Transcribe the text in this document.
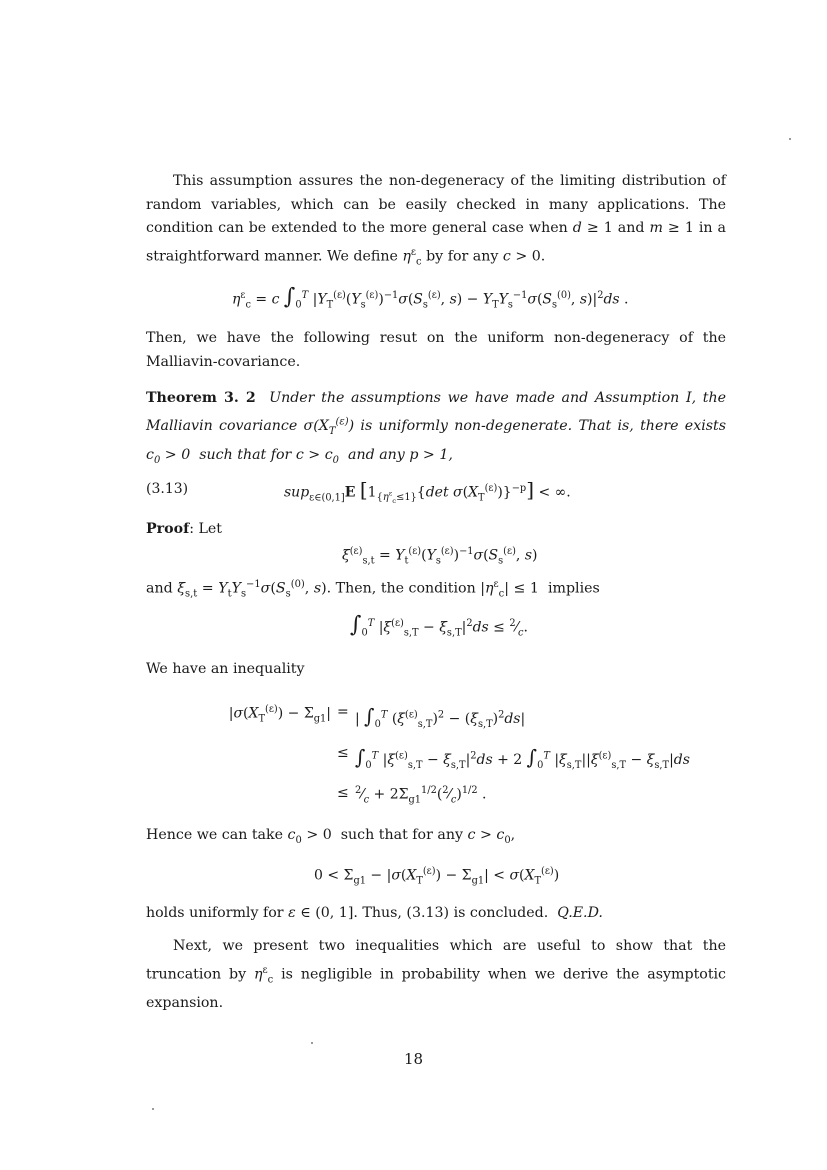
This assumption assures the non-degeneracy of the limiting distribution of random variables, which can be easily checked in many applications. The condition can be extended to the more general case when d ≥ 1 and m ≥ 1 in a straightforward manner. We define $\eta^\varepsilon_c$ by for any c > 0.
$\eta^\varepsilon_c = c$ $\int_0^T$ $|Y_T^{(\varepsilon)}(Y_s^{(\varepsilon)})^{-1}\sigma(S_s^{(\varepsilon)}$, $s) - Y_TY_s^{-1}\sigma(S_s^{(0)}$, $s)|^2ds$ .
Then, we have the following resut on the uniform non-degeneracy of the Malliavin-covariance.
Theorem 3. 2 Under the assumptions we have made and Assumption I, the Malliavin covariance $\sigma(X_T^{(\varepsilon)})$ is uniformly non-degenerate. That is, there exists $c_0 > 0$  such that for $c > c_0$  and any p > 1,
(3.13)	sup$_{\varepsilon\in(0,1]}$E [$1_{\{\eta^\varepsilon_c\le 1\}}\{\det$ $\sigma(X_T^{(\varepsilon)})\}^{-p}$] < ∞.
Proof: Let
$\xi^{(\varepsilon)}_{s,t} = Y_t^{(\varepsilon)}(Y_s^{(\varepsilon)})^{-1}\sigma(S_s^{(\varepsilon)}$, s)
and $\xi_{s,t} = Y_tY_s^{-1}\sigma(S_s^{(0)}$, s). Then, the condition $|\eta^\varepsilon_c| \le 1$  implies
$\int_0^T$ $|\xi^{(\varepsilon)}_{s,T} - \xi_{s,T}|^2ds$ ≤ $^2⁄_c$.
We have an inequality
$|\sigma(X_T^{(\varepsilon)}) - \Sigma_{g1}|$ = | $\int_0^T$ $(\xi^{(\varepsilon)}_{s,T})^2 - (\xi_{s,T})^2ds|$
≤ $\int_0^T$ $|\xi^{(\varepsilon)}_{s,T} - \xi_{s,T}|^2ds + 2$ $\int_0^T$ $|\xi_{s,T}||\xi^{(\varepsilon)}_{s,T} - \xi_{s,T}|ds$
≤ $^2⁄_c$ + $2\Sigma_{g1}^{1/2}(^2⁄_c)^{1/2}$ .
Hence we can take $c_0 > 0$  such that for any $c > c_0$,
$0 < \Sigma_{g1} - |\sigma(X_T^{(\varepsilon)}) - \Sigma_{g1}| < \sigma(X_T^{(\varepsilon)})$
holds uniformly for ε ∈ (0, 1]. Thus, (3.13) is concluded.  Q.E.D.
Next, we present two inequalities which are useful to show that the truncation by $\eta^\varepsilon_c$ is negligible in probability when we derive the asymptotic expansion.
18
